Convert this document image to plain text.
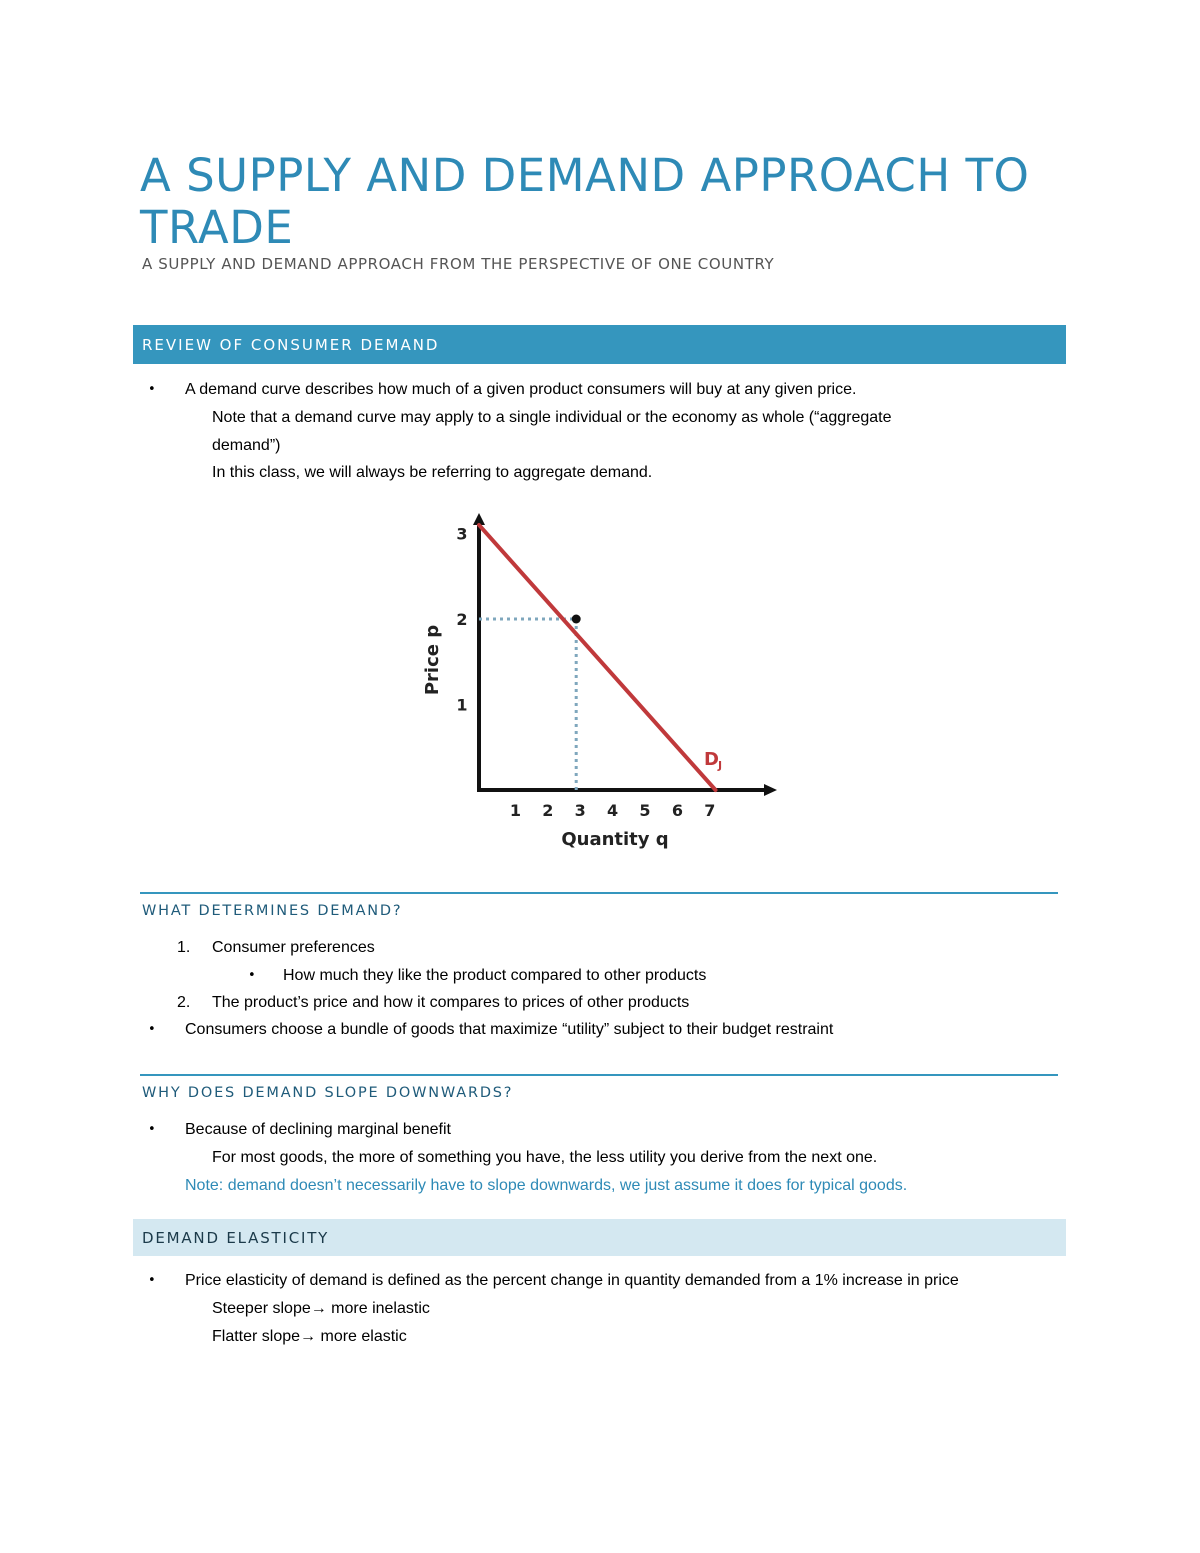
A SUPPLY AND DEMAND APPROACH TO TRADE
A SUPPLY AND DEMAND APPROACH FROM THE PERSPECTIVE OF ONE COUNTRY
REVIEW OF CONSUMER DEMAND
• A demand curve describes how much of a given product consumers will buy at any given price.
Note that a demand curve may apply to a single individual or the economy as whole (“aggregate
demand”)
In this class, we will always be referring to aggregate demand.
1 2 3 4 5 6 7
1
2
3
Quantity q
Price p
D J
WHAT DETERMINES DEMAND?
1. Consumer preferences
• How much they like the product compared to other products
2. The product’s price and how it compares to prices of other products
• Consumers choose a bundle of goods that maximize “utility” subject to their budget restraint
WHY DOES DEMAND SLOPE DOWNWARDS?
• Because of declining marginal benefit
For most goods, the more of something you have, the less utility you derive from the next one.
Note: demand doesn’t necessarily have to slope downwards, we just assume it does for typical goods.
DEMAND ELASTICITY
• Price elasticity of demand is defined as the percent change in quantity demanded from a 1% increase in price
Steeper slope→ more inelastic
Flatter slope→ more elastic
